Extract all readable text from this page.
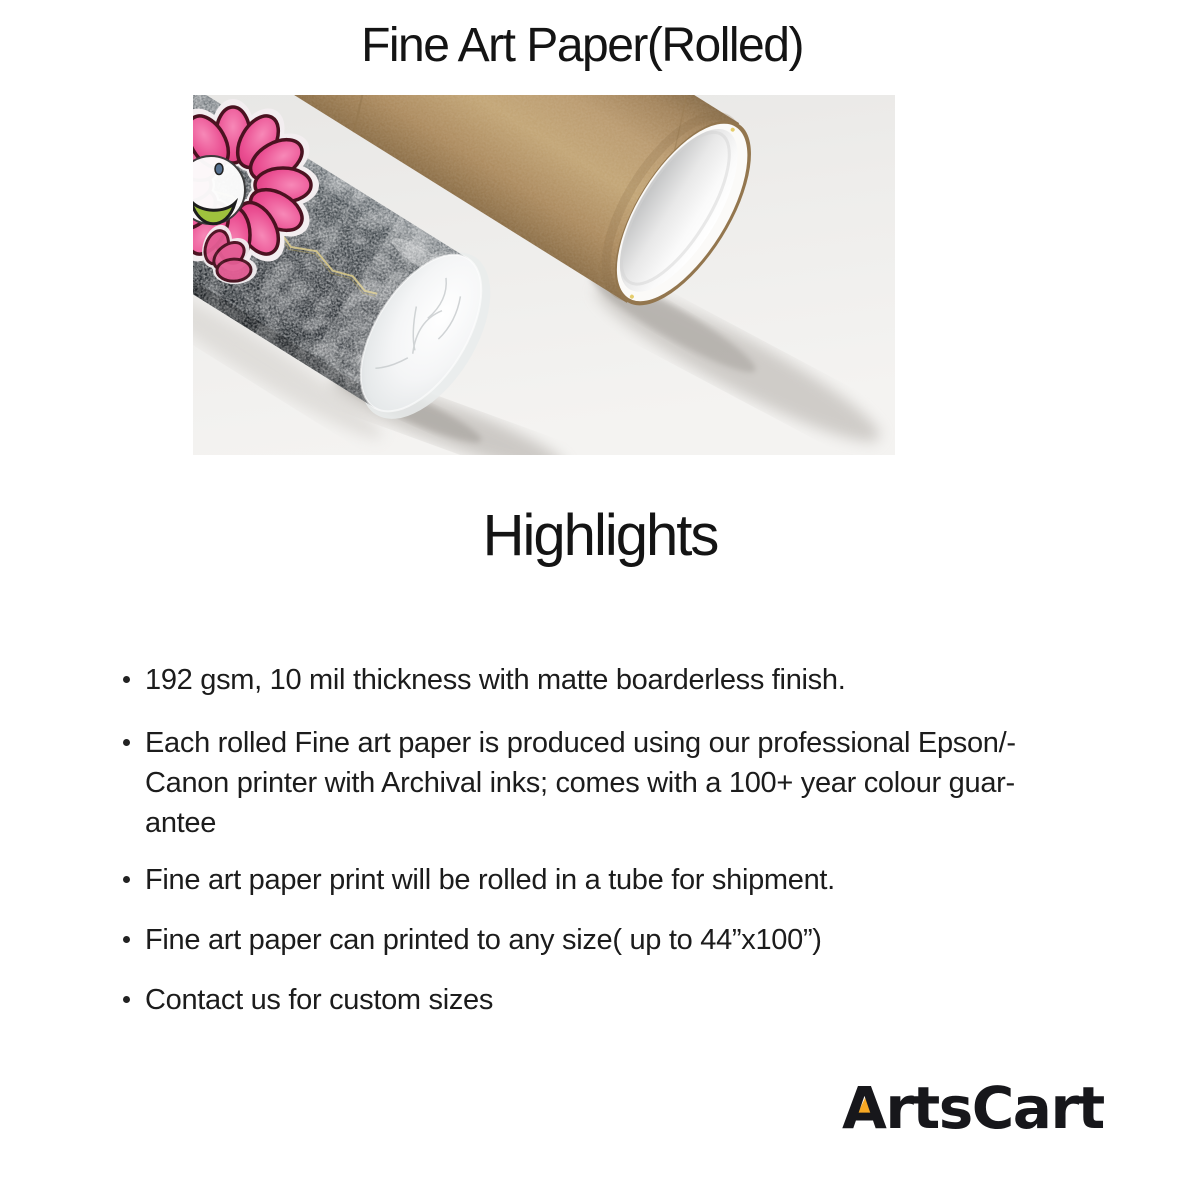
Fine Art Paper(Rolled)
Highlights
192 gsm, 10 mil thickness with matte boarderless finish.
Each rolled Fine art paper is produced using our professional Epson/-
Canon printer with Archival inks; comes with a 100+ year colour guar-
antee
Fine art paper print will be rolled in a tube for shipment.
Fine art paper can printed to any size( up to 44”x100”)
Contact us for custom sizes
ArtsCart
